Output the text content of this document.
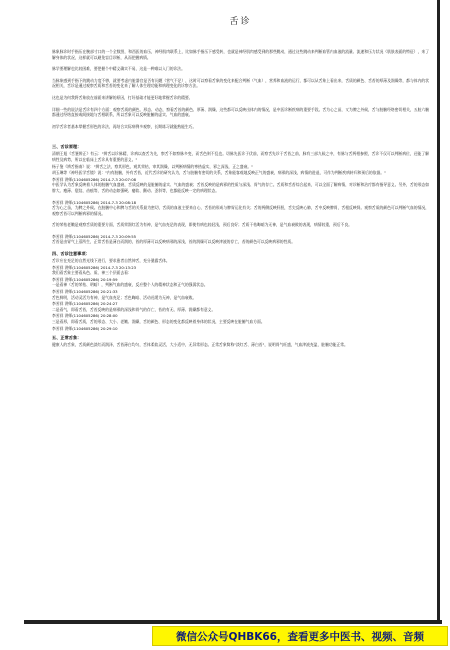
舌诊

脉象脉诊时手指压在腕部寸口的一个全数图，和西医的血压，神经肌肉联系上，比如脉手指压下感受转，也就是神经肌肉感受到的那些跳动，通过这些跳动来判断血管内血液的流量、流速和压力状况（肌肤表面的特征），来了解身体的状况，这样就可以避免盲目诊断，从而把握病情。

脉学要理解也比较困难，要把握个中精义确实不易，这是一种难以入门的诊法。

当脉象感到手指下的跳动力度不够，就要考虑内脏器官是否有问题（营气不足），这时可以察看舌象的变化来配合判断（气血），营养和血液的运行，都可以从舌象上看出来，舌质的颜色、舌苔的厚薄及润燥等，都与体内的状况相关，舌诊是通过观察舌质和舌苔的变化来了解人体生理功能和病理变化的诊察方法。

这也是为何我将舌象放在前面来讲解的原因，打好基础才能更好地掌握舌诊的精要。

详细一些的说法是舌诊有四个方面：观察舌质的颜色、形态、动态，察看舌苔的颜色、厚薄、润燥，这些都可以反映出体内的情况，是中医诊断疾病的重要手段。舌为心之苗，又为脾之外候，舌与脏腑经络密切相关，五脏六腑都通过经络直接或间接地与舌相联系，所以舌象可以反映脏腑的虚实、气血的盛衰。

初学舌诊者基本掌握舌形色的诊法，再结合实际病例多观察，长期练习就能熟能生巧。

三、舌诊原理：

清朝王旭《舌鉴辨正》有云："辨舌以诊脉精，诊病以查舌为先，察舌不如察脉多变，而舌色则不乱也。切脉先医诊于伏前，而察舌先诊于舌苔之前，脉有三部九候之中，有脉与舌两相参照，舌诊不仅可以判断病位，还能了解病性及病势，所以在临床上舌诊具有重要的意义。"

杨子鉴《辨舌指南》说："辨舌之法，察其形色，观其荣枯，审其润燥，以判断病情的寒热虚实，邪之深浅，正之盛衰。"

胡玉琳等《神经医学舌镜》说："内有脏腑，外有舌苔，近代舌诊的研究认为，舌与脏腑有密切的关系，舌象能客观地反映正气的盛衰，病邪的深浅，病情的进退，可作为判断疾病转归和预后的依据。"

李芳祥 讲师(1104605286) 2014-7-3 20:07:08

中医学认为舌象反映着人体的脏腑气血盛衰，舌质反映的是脏腑的虚实、气血的盛衰；舌苔反映的是病邪的性质与深浅、胃气的存亡。舌质和舌苔综合起来，可以全面了解病情，对诊断和治疗都有指导意义。另外，舌的形态如胖大、瘦薄、裂纹、齿痕等，舌的动态如强硬、痿软、颤动、歪斜等，也都能反映一定的病理状态。

李芳祥 讲师(1104605286) 2014-7-3 20:08:18

舌为心之苗，为脾之外候。在脏腑中心和脾与舌的关系最为密切，舌质的血液主要来自心，舌苔的形成与脾胃运化有关；舌的两侧反映肝胆，舌尖反映心肺，舌中反映脾胃，舌根反映肾。观察舌质的颜色可以判断气血的情况，观察舌苔可以判断病邪的情况。

舌的荣枯老嫩是观察舌质的重要方面，舌质荣润红活为有神，是气血充足的表现，即使有病也较轻浅，预后良好；舌质干枯晦暗为无神，是气血衰败的表现，病情较重，预后不良。

李芳祥 讲师(1104605286) 2014-7-3 20:09:55

舌苔是由胃气上蒸所生，正常舌苔是薄白而润的，苔的厚薄可以反映病邪的深浅，苔的润燥可以反映津液的存亡，苔的颜色可以反映病邪的性质。

四、舌诊注意事项：

舌诊应在充足的自然光线下进行，要求患者自然伸舌，充分暴露舌体。

李芳祥 讲师(1104605286) 2014-7-3 20:13:23

我们看舌象主要看从色、质、神三个层面去看：

李芳祥 讲师(1104605286) 20:19:59

一是看神（舌的荣枯、明暗），判断气血的盛衰，反应整个人的精神状态和正气的强弱状态。

李芳祥 讲师(1104605286) 20:21:33

舌色鲜明，活动灵活为有神，是气血充足；舌色晦暗、活动迟缓为无神，是气血衰败。

李芳祥 讲师(1104605286) 20:24:27

二是看气，即看舌苔，舌苔反映的是病邪的深浅和胃气的存亡，苔的有无、厚薄、润燥都有意义。

李芳祥 讲师(1104605286) 20:28:00

三是看形，即看舌质，舌的形态、大小、老嫩、润燥，舌的颜色、形态的变化都反映着身体的状况，主要反映在脏腑气血方面。

李芳祥 讲师(1104605286) 20:29:10

五、正常舌象：

健康人的舌象，舌质颜色淡红而润泽，舌苔薄白均匀，舌体柔软灵活，大小适中，无异常形态。正常舌象简称"淡红舌、薄白苔"，说明胃气旺盛，气血津液充盈，脏腑功能正常。

微信公众号QHBK66，查看更多中医书、视频、音频
